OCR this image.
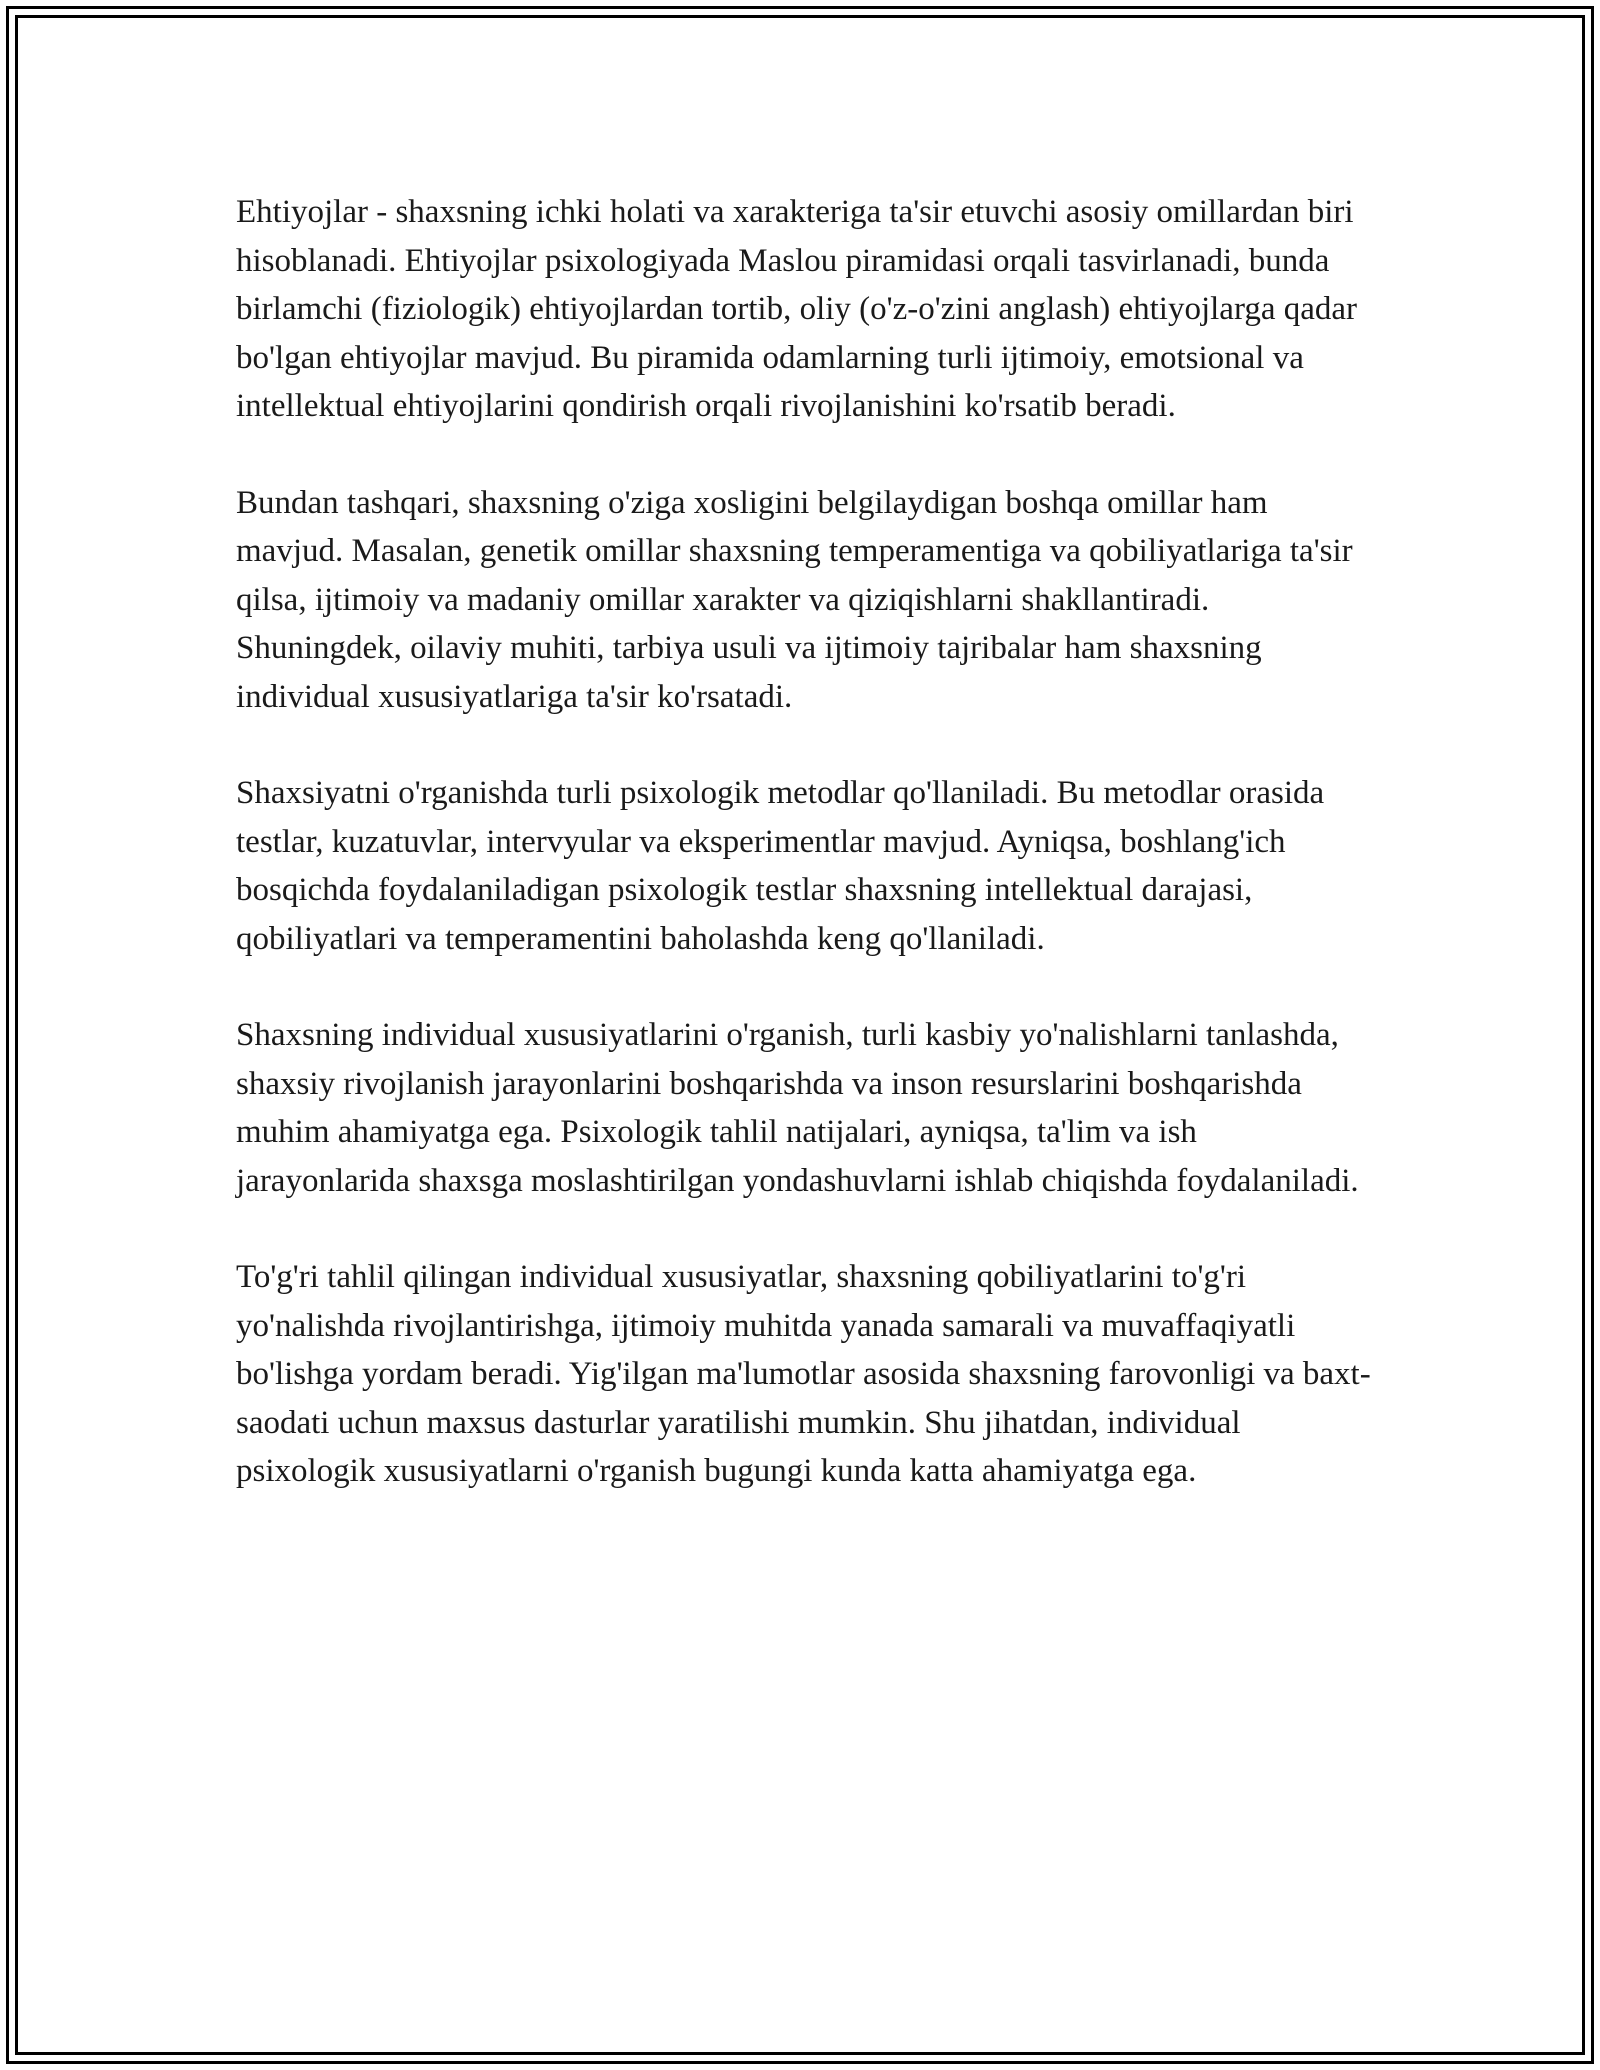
Ehtiyojlar - shaxsning ichki holati va xarakteriga ta'sir etuvchi asosiy omillardan biri hisoblanadi. Ehtiyojlar psixologiyada Maslou piramidasi orqali tasvirlanadi, bunda birlamchi (fiziologik) ehtiyojlardan tortib, oliy (o'z-o'zini anglash) ehtiyojlarga qadar bo'lgan ehtiyojlar mavjud. Bu piramida odamlarning turli ijtimoiy, emotsional va intellektual ehtiyojlarini qondirish orqali rivojlanishini ko'rsatib beradi.

Bundan tashqari, shaxsning o'ziga xosligini belgilaydigan boshqa omillar ham mavjud. Masalan, genetik omillar shaxsning temperamentiga va qobiliyatlariga ta'sir qilsa, ijtimoiy va madaniy omillar xarakter va qiziqishlarni shakllantiradi. Shuningdek, oilaviy muhiti, tarbiya usuli va ijtimoiy tajribalar ham shaxsning individual xususiyatlariga ta'sir ko'rsatadi.

Shaxsiyatni o'rganishda turli psixologik metodlar qo'llaniladi. Bu metodlar orasida testlar, kuzatuvlar, intervyular va eksperimentlar mavjud. Ayniqsa, boshlang'ich bosqichda foydalaniladigan psixologik testlar shaxsning intellektual darajasi, qobiliyatlari va temperamentini baholashda keng qo'llaniladi.

Shaxsning individual xususiyatlarini o'rganish, turli kasbiy yo'nalishlarni tanlashda, shaxsiy rivojlanish jarayonlarini boshqarishda va inson resurslarini boshqarishda muhim ahamiyatga ega. Psixologik tahlil natijalari, ayniqsa, ta'lim va ish jarayonlarida shaxsga moslashtirilgan yondashuvlarni ishlab chiqishda foydalaniladi.

To'g'ri tahlil qilingan individual xususiyatlar, shaxsning qobiliyatlarini to'g'ri yo'nalishda rivojlantirishga, ijtimoiy muhitda yanada samarali va muvaffaqiyatli bo'lishga yordam beradi. Yig'ilgan ma'lumotlar asosida shaxsning farovonligi va baxt-saodati uchun maxsus dasturlar yaratilishi mumkin. Shu jihatdan, individual psixologik xususiyatlarni o'rganish bugungi kunda katta ahamiyatga ega.
